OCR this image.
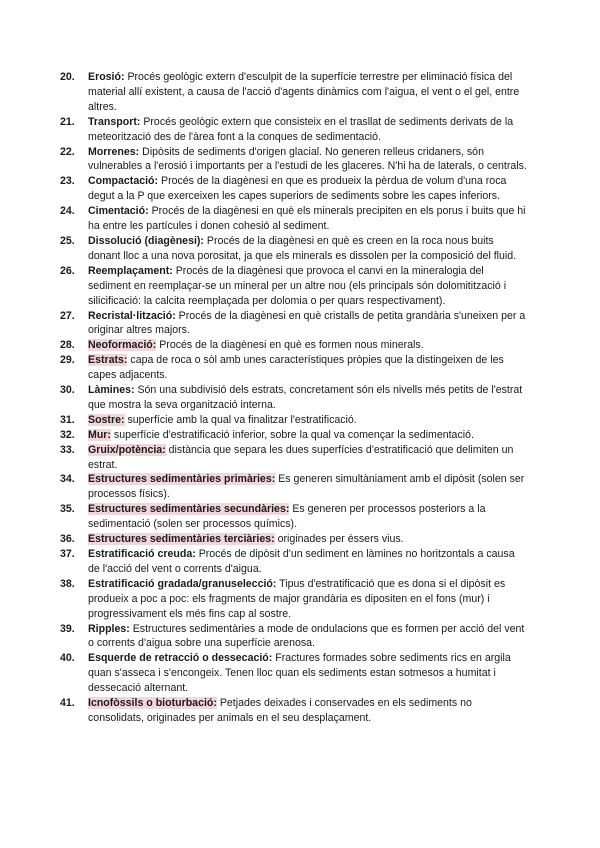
20.	Erosió: Procés geològic extern d'esculpit de la superfície terrestre per eliminació física del material allí existent, a causa de l'acció d'agents dinàmics com l'aigua, el vent o el gel, entre altres.
21.	Transport: Procés geològic extern que consisteix en el trasllat de sediments derivats de la meteorització des de l'àrea font a la conques de sedimentació.
22.	Morrenes: Dipòsits de sediments d'origen glacial. No generen relleus cridaners, són vulnerables a l'erosió i importants per a l'estudi de les glaceres. N'hi ha de laterals, o centrals.
23.	Compactació: Procés de la diagènesi en que es produeix la pèrdua de volum d'una roca degut a la P que exerceixen les capes superiors de sediments sobre les capes inferiors.
24.	Cimentació: Procés de la diagènesi en què els minerals precipiten en els porus i buits que hi ha entre les partícules i donen cohesió al sediment.
25.	Dissolució (diagènesi): Procés de la diagènesi en què es creen en la roca nous buits donant lloc a una nova porositat, ja que els minerals es dissolen per la composició del fluid.
26.	Reemplaçament: Procés de la diagènesi que provoca el canvi en la mineralogia del sediment en reemplaçar-se un mineral per un altre nou (els principals són dolomitització i silicificació: la calcita reemplaçada per dolomia o per quars respectivament).
27.	Recristal·lització: Procés de la diagènesi en què cristalls de petita grandària s'uneixen per a originar altres majors.
28.	Neoformació: Procés de la diagènesi en què es formen nous minerals.
29.	Estrats: capa de roca o sòl amb unes característiques pròpies que la distingeixen de les capes adjacents.
30.	Làmines: Són una subdivisió dels estrats, concretament són els nivells més petits de l'estrat que mostra la seva organització interna.
31.	Sostre: superfície amb la qual va finalitzar l'estratificació.
32.	Mur: superfície d'estratificació inferior, sobre la qual va començar la sedimentació.
33.	Gruix/potència: distància que separa les dues superfícies d'estratificació que delimiten un estrat.
34.	Estructures sedimentàries primàries: Es generen simultàniament amb el dipòsit (solen ser processos físics).
35.	Estructures sedimentàries secundàries: Es generen per processos posteriors a la sedimentació (solen ser processos químics).
36.	Estructures sedimentàries terciàries: originades per éssers vius.
37.	Estratificació creuda: Procés de dipòsit d'un sediment en làmines no horitzontals a causa de l'acció del vent o corrents d'aigua.
38.	Estratificació gradada/granuselecció: Tipus d'estratificació que es dona si el dipòsit es produeix a poc a poc: els fragments de major grandària es dipositen en el fons (mur) i progressivament els més fins cap al sostre.
39.	Ripples: Estructures sedimentàries a mode de ondulacions que es formen per acció del vent o corrents d'aigua sobre una superfície arenosa.
40.	Esquerde de retracció o dessecació: Fractures formades sobre sediments rics en argila quan s'asseca i s'encongeix. Tenen lloc quan els sediments estan sotmesos a humitat i dessecació alternant.
41.	Icnofòssils o bioturbació: Petjades deixades i conservades en els sediments no consolidats, originades per animals en el seu desplaçament.
